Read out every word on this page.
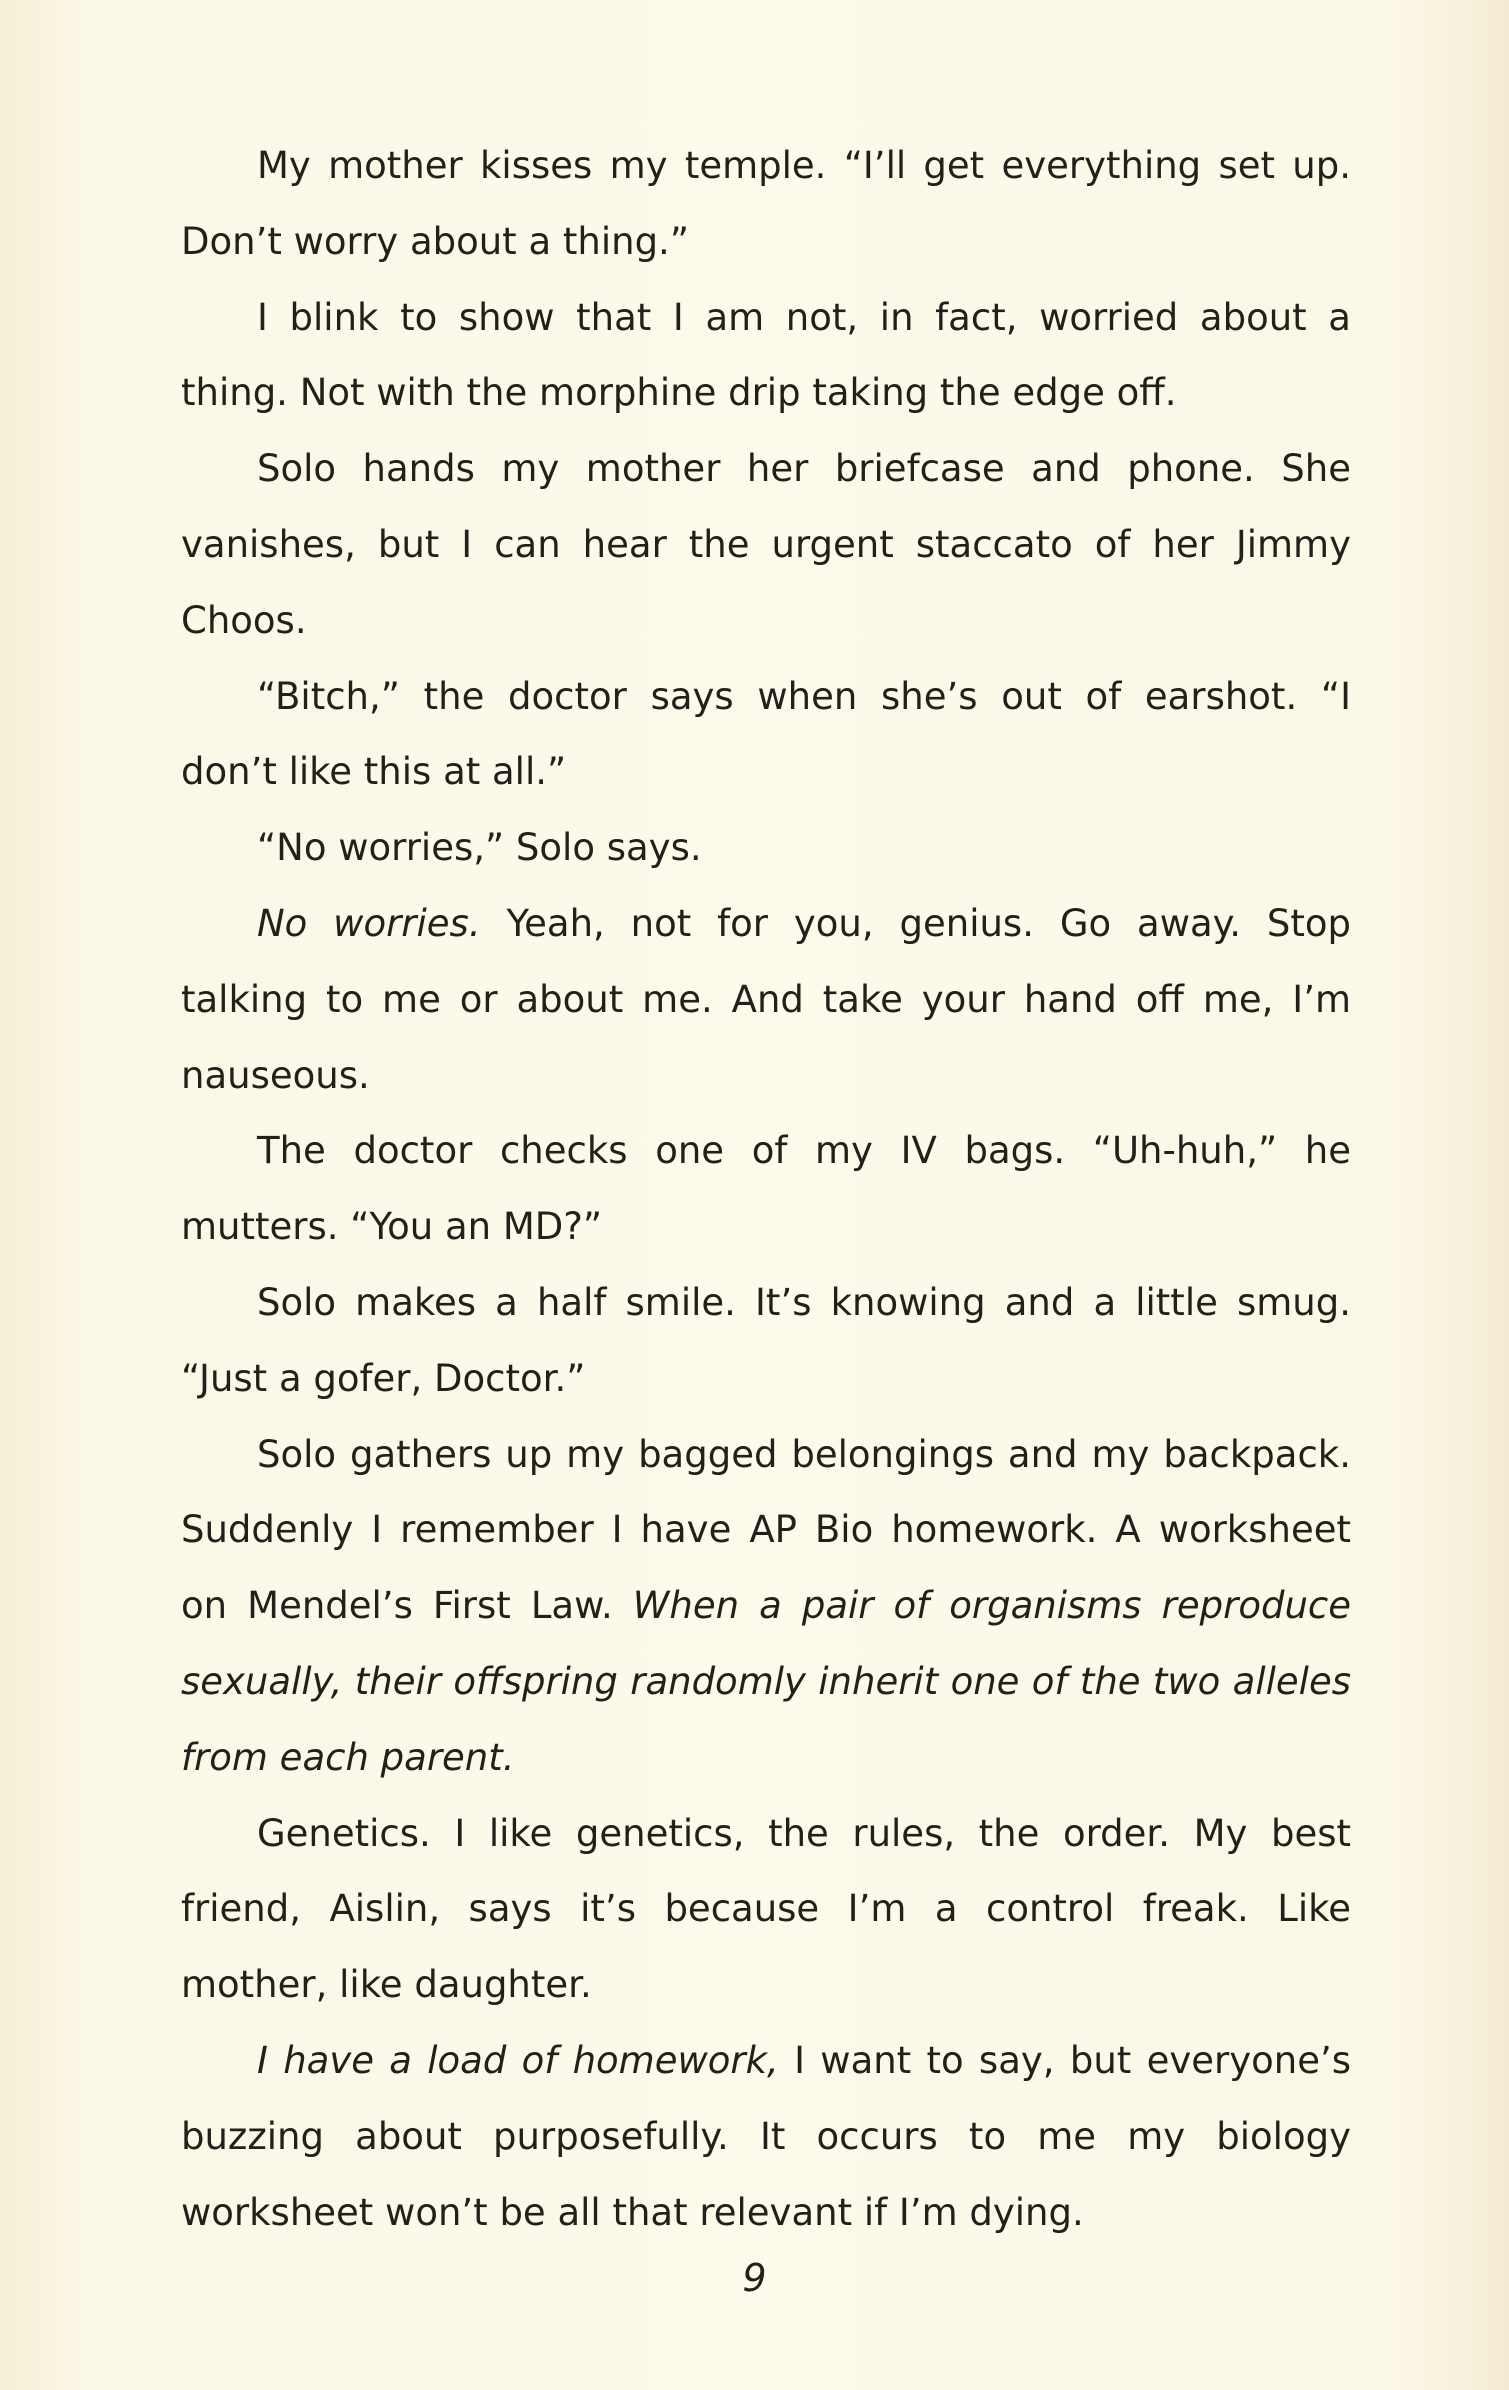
My mother kisses my temple. “I’ll get everything set up. Don’t worry about a thing.”

I blink to show that I am not, in fact, worried about a thing. Not with the morphine drip taking the edge off.

Solo hands my mother her briefcase and phone. She vanishes, but I can hear the urgent staccato of her Jimmy Choos.

“Bitch,” the doctor says when she’s out of earshot. “I don’t like this at all.”

“No worries,” Solo says.

No worries. Yeah, not for you, genius. Go away. Stop talking to me or about me. And take your hand off me, I’m nauseous.

The doctor checks one of my IV bags. “Uh-huh,” he mutters. “You an MD?”

Solo makes a half smile. It’s knowing and a little smug. “Just a gofer, Doctor.”

Solo gathers up my bagged belongings and my backpack. Suddenly I remember I have AP Bio homework. A worksheet on Mendel’s First Law. When a pair of organisms reproduce sexually, their offspring randomly inherit one of the two alleles from each parent.

Genetics. I like genetics, the rules, the order. My best friend, Aislin, says it’s because I’m a control freak. Like mother, like daughter.

I have a load of homework, I want to say, but everyone’s buzzing about purposefully. It occurs to me my biology worksheet won’t be all that relevant if I’m dying.

9
